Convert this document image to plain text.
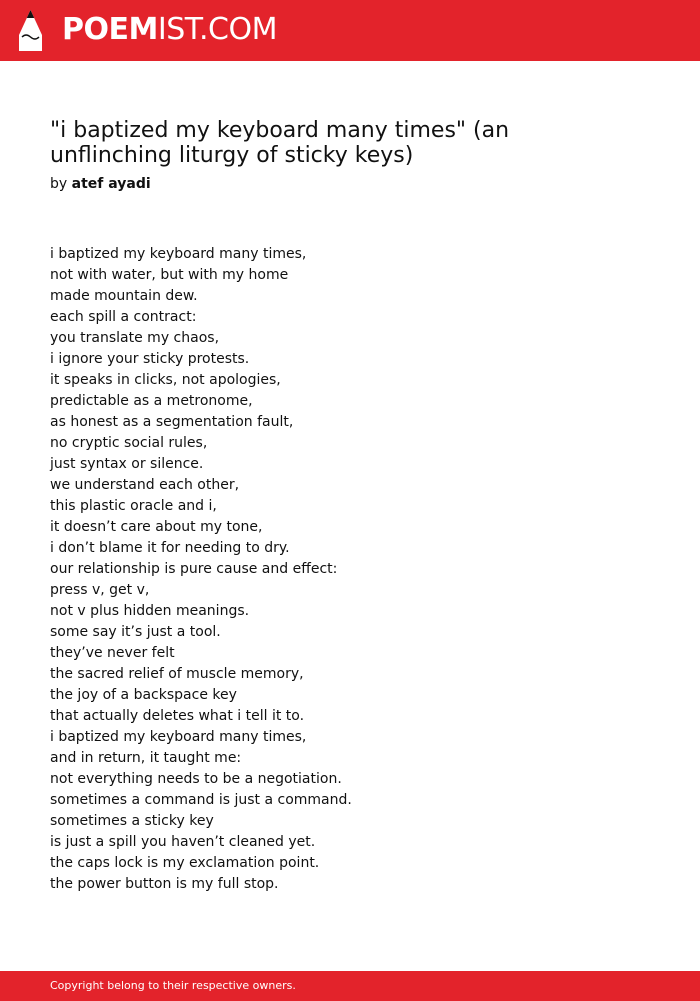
POEMIST.COM
"i baptized my keyboard many times" (an unflinching liturgy of sticky keys)
by atef ayadi
i baptized my keyboard many times,
not with water, but with my home
made mountain dew.
each spill a contract:
you translate my chaos,
i ignore your sticky protests.
it speaks in clicks, not apologies,
predictable as a metronome,
as honest as a segmentation fault,
no cryptic social rules,
just syntax or silence.
we understand each other,
this plastic oracle and i,
it doesn’t care about my tone,
i don’t blame it for needing to dry.
our relationship is pure cause and effect:
press v, get v,
not v plus hidden meanings.
some say it’s just a tool.
they’ve never felt
the sacred relief of muscle memory,
the joy of a backspace key
that actually deletes what i tell it to.
i baptized my keyboard many times,
and in return, it taught me:
not everything needs to be a negotiation.
sometimes a command is just a command.
sometimes a sticky key
is just a spill you haven’t cleaned yet.
the caps lock is my exclamation point.
the power button is my full stop.
Copyright belong to their respective owners.
